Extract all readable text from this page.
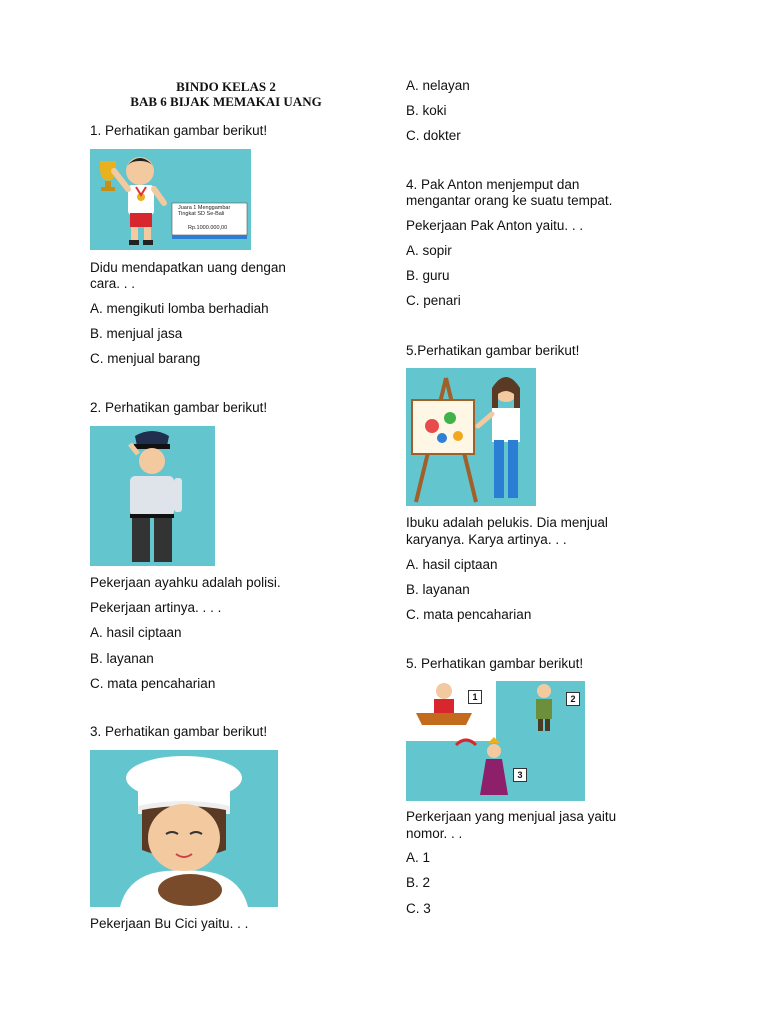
BINDO KELAS 2

BAB 6 BIJAK MEMAKAI UANG

1. Perhatikan gambar berikut!

Juara 1 Menggambar
Tingkat SD Se-Bali
Rp.1000.000,00

Didu mendapatkan uang dengan

cara. . .

A. mengikuti lomba berhadiah

B. menjual jasa

C. menjual barang

2. Perhatikan gambar berikut!

Pekerjaan ayahku adalah polisi.

Pekerjaan artinya. . . .

A. hasil ciptaan

B. layanan

C. mata pencaharian

3. Perhatikan gambar berikut!

Pekerjaan Bu Cici yaitu. . .

A. nelayan

B. koki

C. dokter

4. Pak Anton menjemput dan

mengantar orang ke suatu tempat.

Pekerjaan Pak Anton yaitu. . .

A. sopir

B. guru

C. penari

5.Perhatikan gambar berikut!

Ibuku adalah pelukis. Dia menjual

karyanya. Karya artinya. . .

A. hasil ciptaan

B. layanan

C. mata pencaharian

5. Perhatikan gambar berikut!

1	2
3

Perkerjaan yang menjual jasa yaitu

nomor. . .

A. 1

B. 2

C. 3
